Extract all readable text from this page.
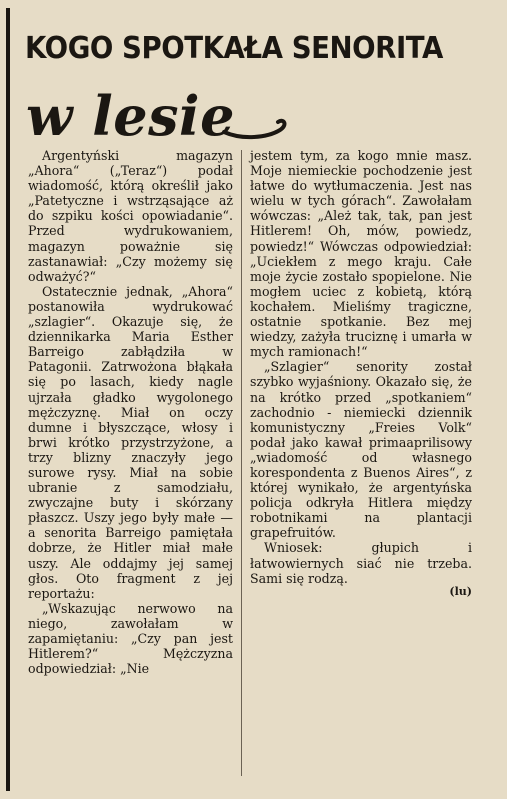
KOGO SPOTKAŁA SENORITA
w lesie

Argentyński magazyn „Ahora“ („Teraz“) podał wiadomość, którą określił jako „Patetyczne i wstrząsające aż do szpiku kości opowiadanie“. Przed wydrukowaniem, magazyn poważnie się zastanawiał: „Czy możemy się odważyć?“

Ostatecznie jednak, „Ahora“ postanowiła wydrukować „szlagier“. Okazuje się, że dziennikarka Maria Esther Barreigo zabłądziła w Patagonii. Zatrwożona błąkała się po lasach, kiedy nagle ujrzała gładko wygolonego mężczyznę. Miał on oczy dumne i błyszczące, włosy i brwi krótko przystrzyżone, a trzy blizny znaczyły jego surowe rysy. Miał na sobie ubranie z samodziału, zwyczajne buty i skórzany płaszcz. Uszy jego były małe — a senorita Barreigo pamiętała dobrze, że Hitler miał małe uszy. Ale oddajmy jej samej głos. Oto fragment z jej reportażu:

„Wskazując nerwowo na niego, zawołałam w zapamiętaniu: „Czy pan jest Hitlerem?“ Mężczyzna odpowiedział: „Nie

jestem tym, za kogo mnie masz. Moje niemieckie pochodzenie jest łatwe do wytłumaczenia. Jest nas wielu w tych górach“. Zawołałam wówczas: „Ależ tak, tak, pan jest Hitlerem! Oh, mów, powiedz, powiedz!“ Wówczas odpowiedział: „Uciekłem z mego kraju. Całe moje życie zostało spopielone. Nie mogłem uciec z kobietą, którą kochałem. Mieliśmy tragiczne, ostatnie spotkanie. Bez mej wiedzy, zażyła truciznę i umarła w mych ramionach!“

„Szlagier“ senority został szybko wyjaśniony. Okazało się, że na krótko przed „spotkaniem“ zachodnio - niemiecki dziennik komunistyczny „Freies Volk“ podał jako kawał primaaprilisowy „wiadomość od własnego korespondenta z Buenos Aires“, z której wynikało, że argentyńska policja odkryła Hitlera między robotnikami na plantacji grapefruitów.

Wniosek: głupich i łatwowiernych siać nie trzeba. Sami się rodzą.

(lu)
